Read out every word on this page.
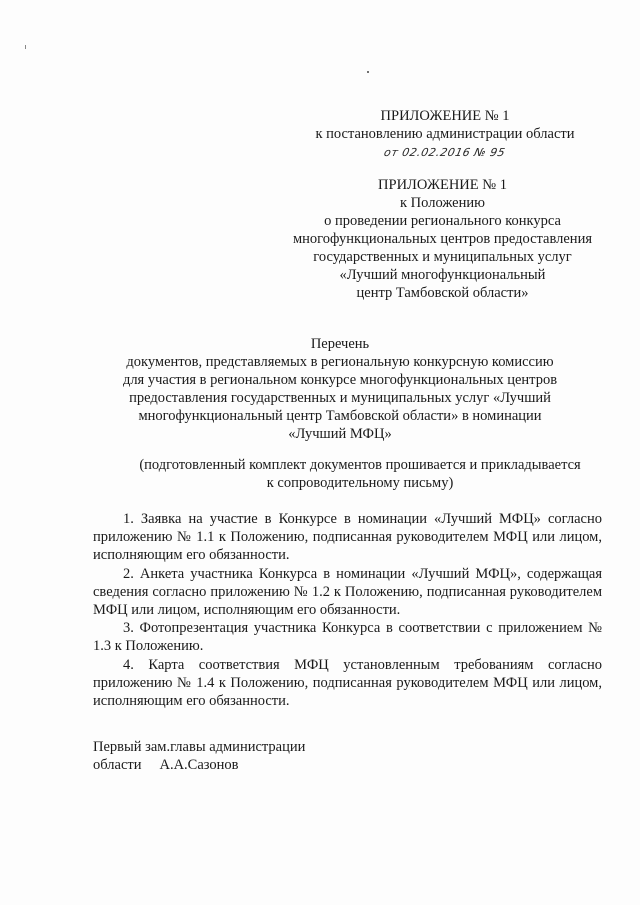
ПРИЛОЖЕНИЕ № 1
к постановлению администрации области
от 02.02.2016 № 95
ПРИЛОЖЕНИЕ № 1
к Положению
о проведении регионального конкурса
многофункциональных центров предоставления
государственных и муниципальных услуг
«Лучший многофункциональный
центр Тамбовской области»
Перечень
документов, представляемых в региональную конкурсную комиссию
для участия в региональном конкурсе многофункциональных центров
предоставления государственных и муниципальных услуг «Лучший
многофункциональный центр Тамбовской области» в номинации
«Лучший МФЦ»
(подготовленный комплект документов прошивается и прикладывается
к сопроводительному письму)

1. Заявка на участие в Конкурсе в номинации «Лучший МФЦ» согласно приложению № 1.1 к Положению, подписанная руководителем МФЦ или лицом, исполняющим его обязанности.

2. Анкета участника Конкурса в номинации «Лучший МФЦ», содержащая сведения согласно приложению № 1.2 к Положению, подписанная руководителем МФЦ или лицом, исполняющим его обязанности.

3. Фотопрезентация участника Конкурса в соответствии с приложением № 1.3 к Положению.

4. Карта соответствия МФЦ установленным требованиям согласно приложению № 1.4 к Положению, подписанная руководителем МФЦ или лицом, исполняющим его обязанности.

Первый зам.главы администрации
области А.А.Сазонов
